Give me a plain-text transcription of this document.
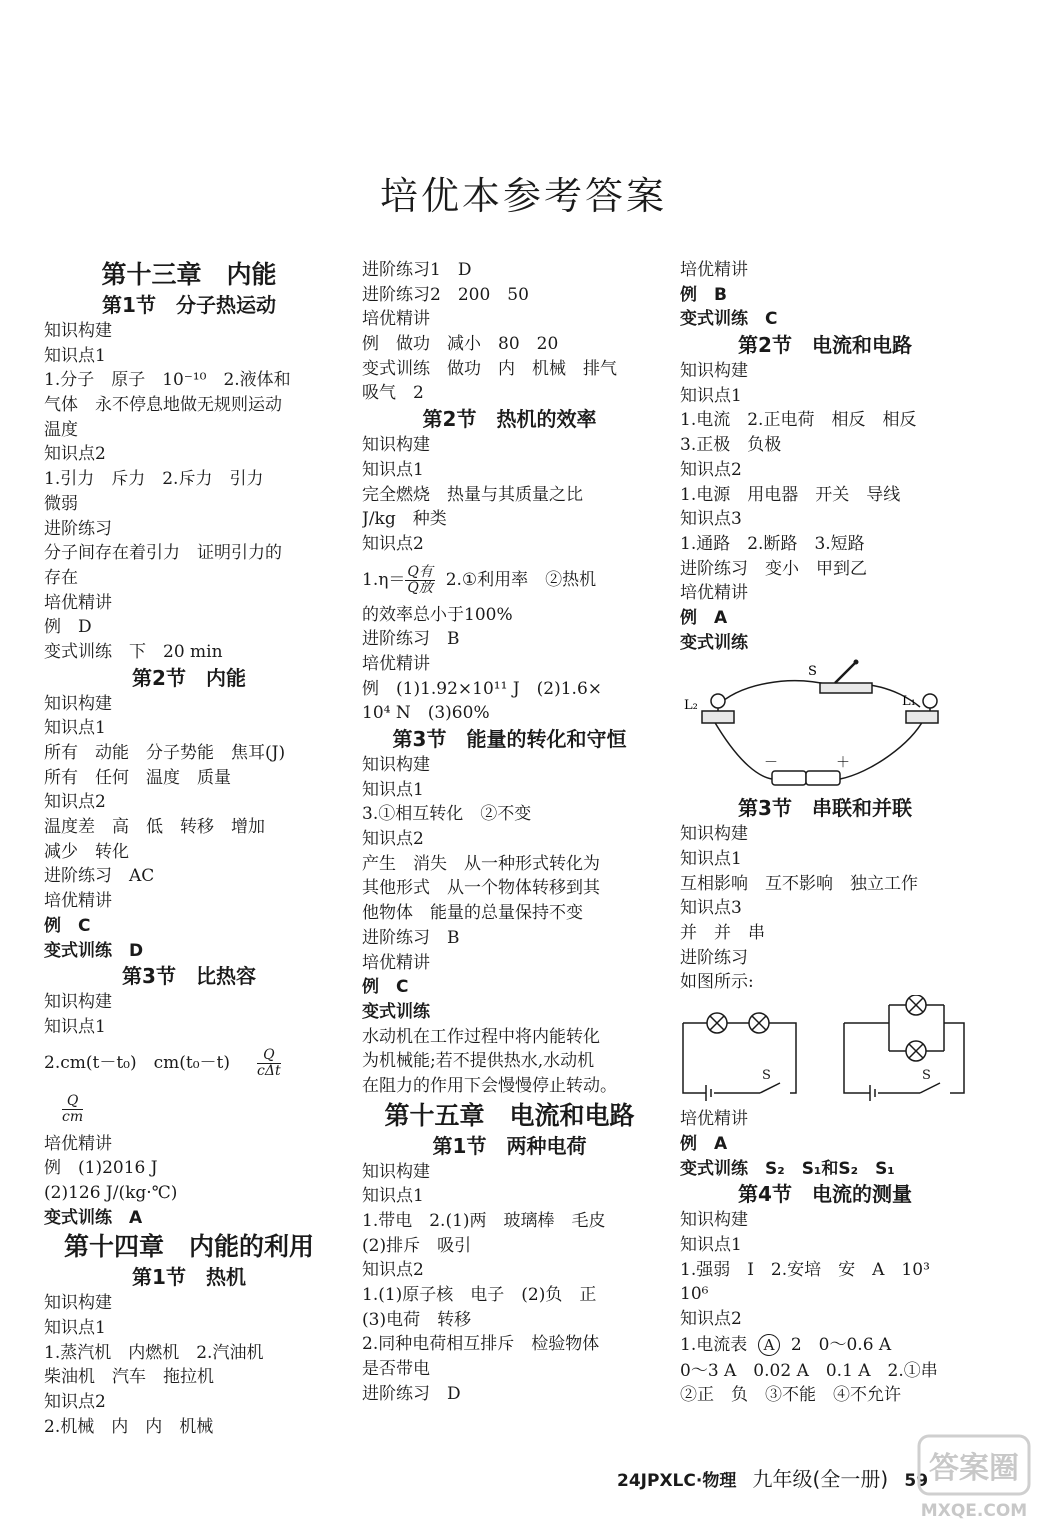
培优本参考答案
第十三章　内能
第1节　分子热运动
知识构建
知识点1
1.分子　原子　10⁻¹⁰　2.液体和
气体　永不停息地做无规则运动
温度
知识点2
1.引力　斥力　2.斥力　引力
微弱
进阶练习
分子间存在着引力　证明引力的
存在
培优精讲
例　D
变式训练　下　20 min
第2节　内能
知识构建
知识点1
所有　动能　分子势能　焦耳(J)
所有　任何　温度　质量
知识点2
温度差　高　低　转移　增加
减少　转化
进阶练习　AC
培优精讲
例　C
变式训练　D
第3节　比热容
知识构建
知识点1
2.cm(t－t₀)　$cm(t_0-t) \frac{Q}{\text{cΔt}}$
$\frac{Q}{cm}$
培优精讲
例　(1)2016 J
(2)126 J/(kg·℃)
变式训练　A
第十四章　内能的利用
第1节　热机
知识构建
知识点1
1.蒸汽机　内燃机　2.汽油机
柴油机　汽车　拖拉机
知识点2
2.机械　内　内　机械
进阶练习1　D
进阶练习2　200　50
培优精讲
例　做功　减小　80　20
变式训练　做功　内　机械　排气
吸气　2
第2节　热机的效率
知识构建
知识点1
完全燃烧　热量与其质量之比
J/kg　种类
知识点2
$1.\eta= \frac{\text{Q有}}{\text{Q放}}$ 2.①利用率　②热机
的效率总小于100%
进阶练习　B
培优精讲
例　(1)1.92×10¹¹ J　(2)1.6×
10⁴ N　(3)60%
第3节　能量的转化和守恒
知识构建
知识点1
3.①相互转化　②不变
知识点2
产生　消失　从一种形式转化为
其他形式　从一个物体转移到其
他物体　能量的总量保持不变
进阶练习　B
培优精讲
例　C
变式训练
水动机在工作过程中将内能转化
为机械能;若不提供热水,水动机
在阻力的作用下会慢慢停止转动。
第十五章　电流和电路
第1节　两种电荷
知识构建
知识点1
1.带电　2.(1)两　玻璃棒　毛皮
(2)排斥　吸引
知识点2
1.(1)原子核　电子　(2)负　正
(3)电荷　转移
2.同种电荷相互排斥　检验物体
是否带电
进阶练习　D
培优精讲
例　B
变式训练　C
第2节　电流和电路
知识构建
知识点1
1.电流　2.正电荷　相反　相反
3.正极　负极
知识点2
1.电源　用电器　开关　导线
知识点3
1.通路　2.断路　3.短路
进阶练习　变小　甲到乙
培优精讲
例　A
变式训练
S
L₂	L₁
－	＋
第3节　串联和并联
知识构建
知识点1
互相影响　互不影响　独立工作
知识点3
并　并　串
进阶练习
如图所示:
S	S
培优精讲
例　A
变式训练　S₂　S₁和S₂　S₁
第4节　电流的测量
知识构建
知识点1
1.强弱　I　2.安培　安　A　10³
10⁶
知识点2
1.电流表 A 2　0～0.6 A
0～3 A　0.02 A　0.1 A　2.①串
②正　负　③不能　④不允许
24JPXLC·物理 九年级(全一册) 59 答案圈
MXQE.COM
